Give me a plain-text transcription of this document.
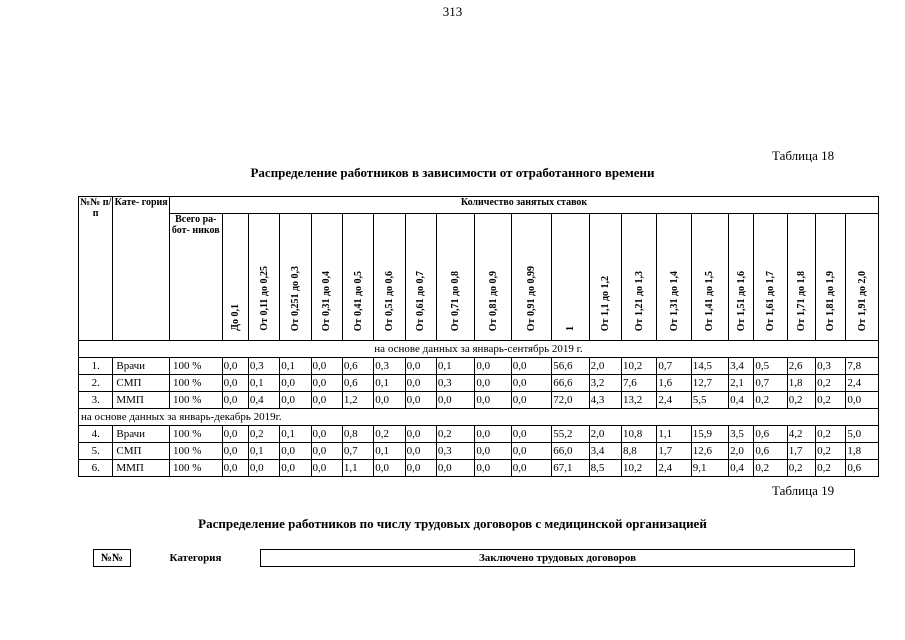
313
Таблица 18
Распределение работников в зависимости от отработанного времени
№№ п/п	Кате- гория	Количество занятых ставок																				
		Всего ра- бот- ников	До 0,1	От 0,11 до 0,25	От 0,251 до 0,3	От 0,31 до 0,4	От 0,41 до 0,5	От 0,51 до 0,6	От 0,61 до 0,7	От 0,71 до 0,8	От 0,81 до 0,9	От 0,91 до 0,99	1	От 1,1 до 1,2	От 1,21 до 1,3	От 1,31 до 1,4	От 1,41 до 1,5	От 1,51 до 1,6	От 1,61 до 1,7	От 1,71 до 1,8	От 1,81 до 1,9	От 1,91 до 2,0
на основе данных за январь-сентябрь 2019 г.																						
1.	Врачи	100 %	0,0	0,3	0,1	0,0	0,6	0,3	0,0	0,1	0,0	0,0	56,6	2,0	10,2	0,7	14,5	3,4	0,5	2,6	0,3	7,8
2.	СМП	100 %	0,0	0,1	0,0	0,0	0,6	0,1	0,0	0,3	0,0	0,0	66,6	3,2	7,6	1,6	12,7	2,1	0,7	1,8	0,2	2,4
3.	ММП	100 %	0,0	0,4	0,0	0,0	1,2	0,0	0,0	0,0	0,0	0,0	72,0	4,3	13,2	2,4	5,5	0,4	0,2	0,2	0,2	0,0
на основе данных за январь-декабрь 2019г.																						
4.	Врачи	100 %	0,0	0,2	0,1	0,0	0,8	0,2	0,0	0,2	0,0	0,0	55,2	2,0	10,8	1,1	15,9	3,5	0,6	4,2	0,2	5,0
5.	СМП	100 %	0,0	0,1	0,0	0,0	0,7	0,1	0,0	0,3	0,0	0,0	66,0	3,4	8,8	1,7	12,6	2,0	0,6	1,7	0,2	1,8
6.	ММП	100 %	0,0	0,0	0,0	0,0	1,1	0,0	0,0	0,0	0,0	0,0	67,1	8,5	10,2	2,4	9,1	0,4	0,2	0,2	0,2	0,6
Таблица 19
Распределение работников по числу трудовых договоров с медицинской организацией
№№	Категория	Заключено трудовых договоров
